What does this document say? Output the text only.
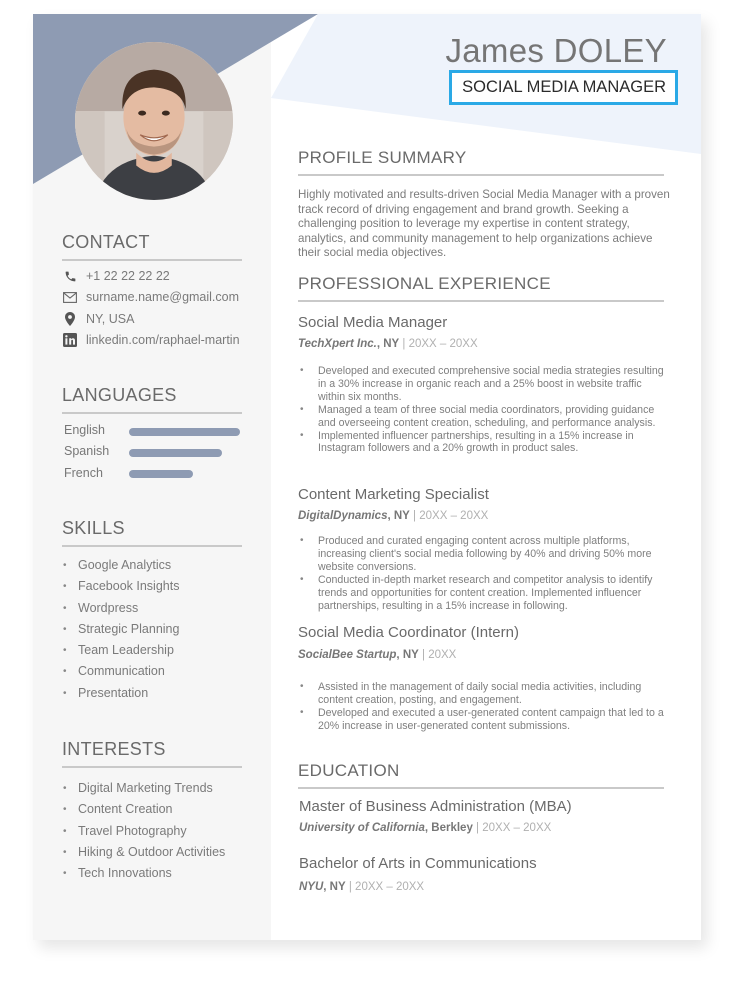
James DOLEY
SOCIAL MEDIA MANAGER
CONTACT
+1 22 22 22 22
surname.name@gmail.com
NY, USA
linkedin.com/raphael-martin
LANGUAGES
English
Spanish
French
SKILLS
• Google Analytics
• Facebook Insights
• Wordpress
• Strategic Planning
• Team Leadership
• Communication
• Presentation
INTERESTS
• Digital Marketing Trends
• Content Creation
• Travel Photography
• Hiking & Outdoor Activities
• Tech Innovations
PROFILE SUMMARY
Highly motivated and results-driven Social Media Manager with a proven track record of driving engagement and brand growth. Seeking a challenging position to leverage my expertise in content strategy, analytics, and community management to help organizations achieve their social media objectives.
PROFESSIONAL EXPERIENCE
Social Media Manager
TechXpert Inc., NY | 20XX – 20XX
• Developed and executed comprehensive social media strategies resulting in a 30% increase in organic reach and a 25% boost in website traffic within six months.
• Managed a team of three social media coordinators, providing guidance and overseeing content creation, scheduling, and performance analysis.
• Implemented influencer partnerships, resulting in a 15% increase in Instagram followers and a 20% growth in product sales.
Content Marketing Specialist
DigitalDynamics, NY | 20XX – 20XX
• Produced and curated engaging content across multiple platforms, increasing client's social media following by 40% and driving 50% more website conversions.
• Conducted in-depth market research and competitor analysis to identify trends and opportunities for content creation. Implemented influencer partnerships, resulting in a 15% increase in following.
Social Media Coordinator (Intern)
SocialBee Startup, NY | 20XX
• Assisted in the management of daily social media activities, including content creation, posting, and engagement.
• Developed and executed a user-generated content campaign that led to a 20% increase in user-generated content submissions.
EDUCATION
Master of Business Administration (MBA)
University of California, Berkley | 20XX – 20XX
Bachelor of Arts in Communications
NYU, NY | 20XX – 20XX
